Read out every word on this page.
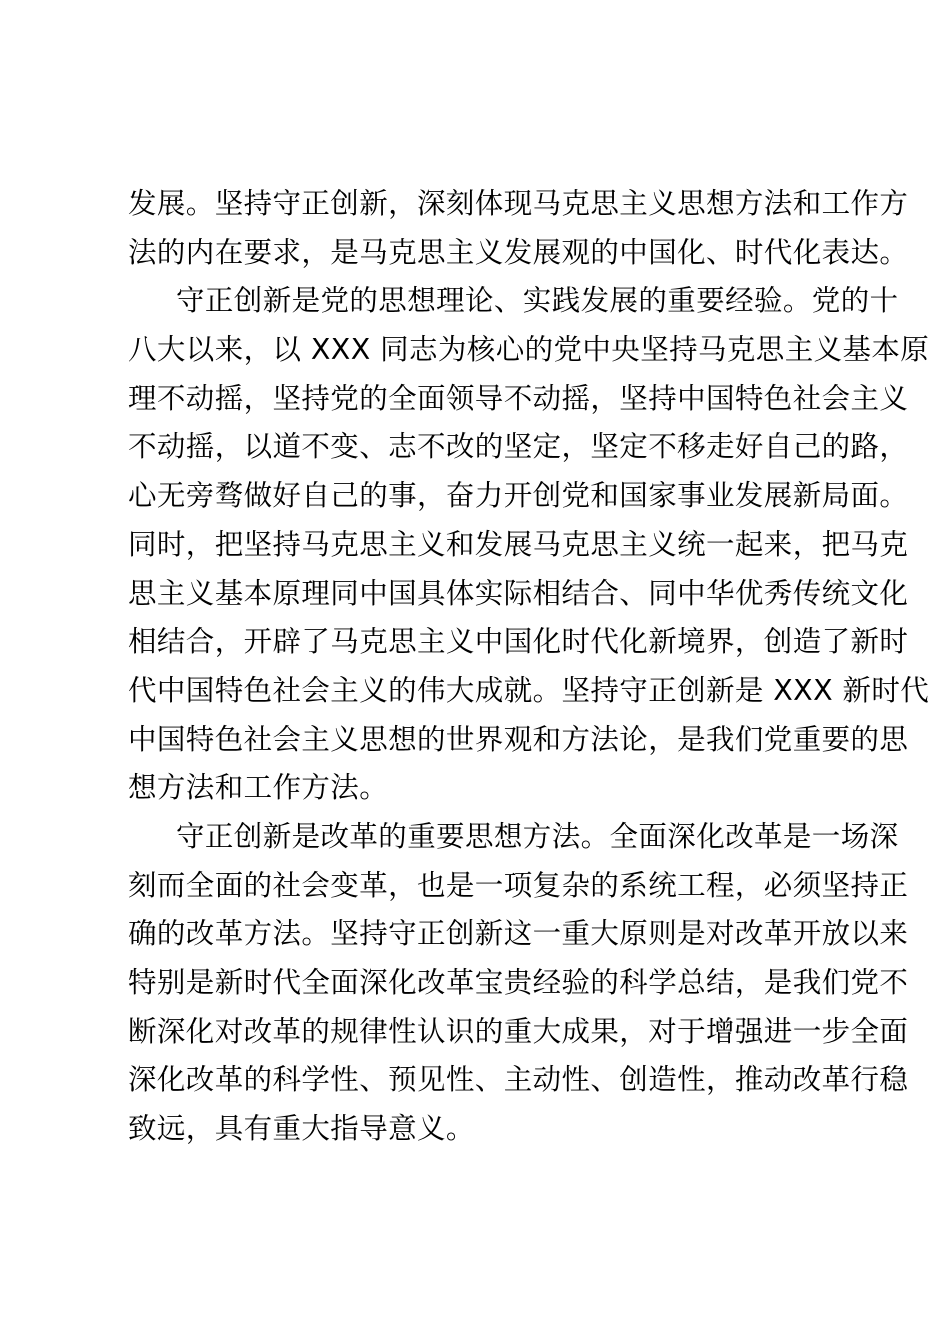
发展。坚持守正创新，深刻体现马克思主义思想方法和工作方
法的内在要求，是马克思主义发展观的中国化、时代化表达。
守正创新是党的思想理论、实践发展的重要经验。党的十
八大以来，以 XXX 同志为核心的党中央坚持马克思主义基本原
理不动摇，坚持党的全面领导不动摇，坚持中国特色社会主义
不动摇，以道不变、志不改的坚定，坚定不移走好自己的路，
心无旁骛做好自己的事，奋力开创党和国家事业发展新局面。
同时，把坚持马克思主义和发展马克思主义统一起来，把马克
思主义基本原理同中国具体实际相结合、同中华优秀传统文化
相结合，开辟了马克思主义中国化时代化新境界，创造了新时
代中国特色社会主义的伟大成就。坚持守正创新是 XXX 新时代
中国特色社会主义思想的世界观和方法论，是我们党重要的思
想方法和工作方法。
守正创新是改革的重要思想方法。全面深化改革是一场深
刻而全面的社会变革，也是一项复杂的系统工程，必须坚持正
确的改革方法。坚持守正创新这一重大原则是对改革开放以来
特别是新时代全面深化改革宝贵经验的科学总结，是我们党不
断深化对改革的规律性认识的重大成果，对于增强进一步全面
深化改革的科学性、预见性、主动性、创造性，推动改革行稳
致远，具有重大指导意义。
